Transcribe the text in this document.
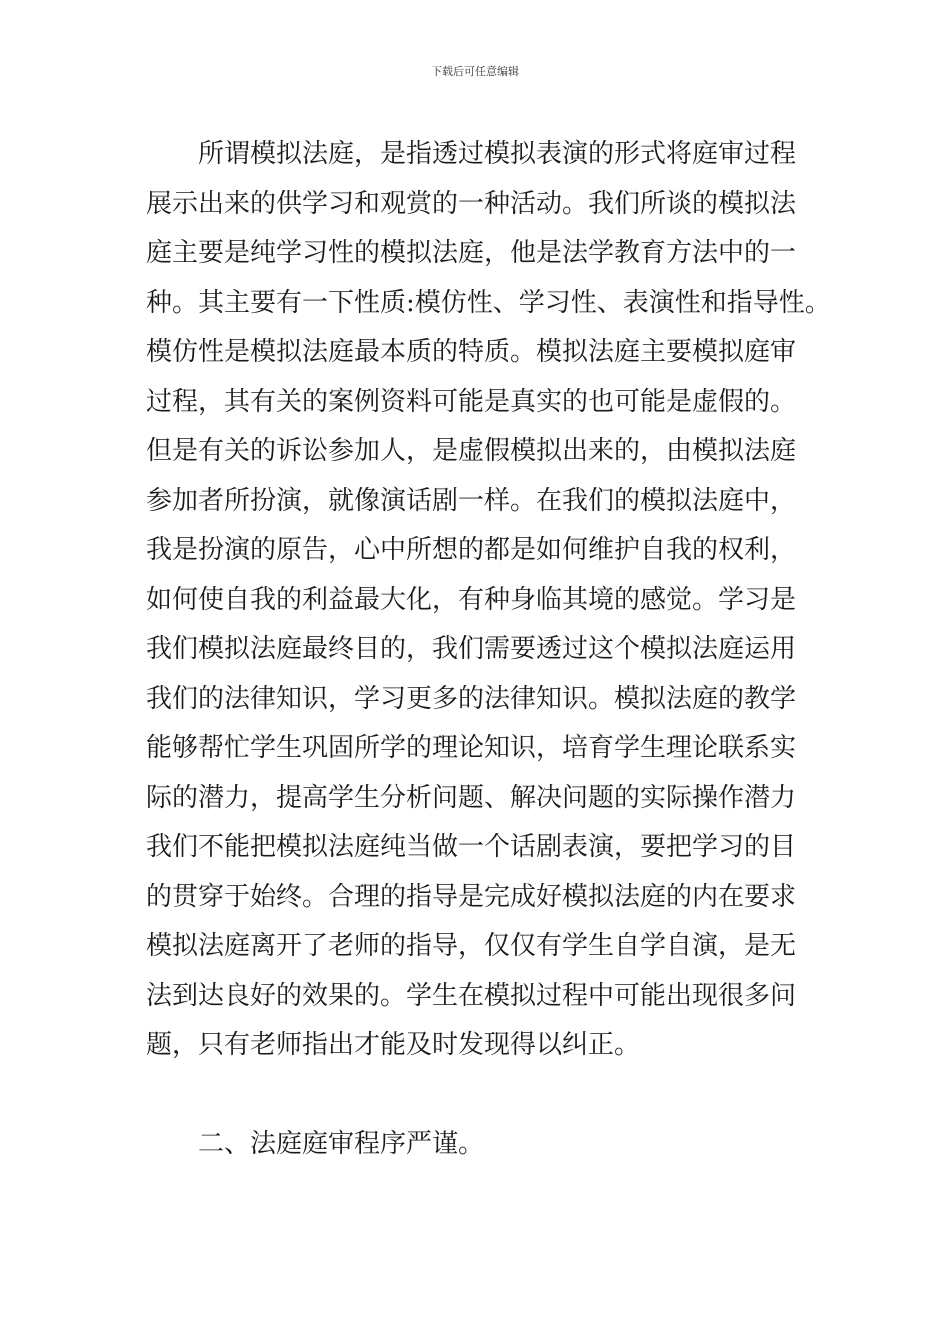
下载后可任意编辑
所谓模拟法庭，是指透过模拟表演的形式将庭审过程
展示出来的供学习和观赏的一种活动。我们所谈的模拟法
庭主要是纯学习性的模拟法庭，他是法学教育方法中的一
种。其主要有一下性质:模仿性、学习性、表演性和指导性。
模仿性是模拟法庭最本质的特质。模拟法庭主要模拟庭审
过程，其有关的案例资料可能是真实的也可能是虚假的。
但是有关的诉讼参加人，是虚假模拟出来的，由模拟法庭
参加者所扮演，就像演话剧一样。在我们的模拟法庭中，
我是扮演的原告，心中所想的都是如何维护自我的权利，
如何使自我的利益最大化，有种身临其境的感觉。学习是
我们模拟法庭最终目的，我们需要透过这个模拟法庭运用
我们的法律知识，学习更多的法律知识。模拟法庭的教学
能够帮忙学生巩固所学的理论知识，培育学生理论联系实
际的潜力，提高学生分析问题、解决问题的实际操作潜力
我们不能把模拟法庭纯当做一个话剧表演，要把学习的目
的贯穿于始终。合理的指导是完成好模拟法庭的内在要求
模拟法庭离开了老师的指导，仅仅有学生自学自演，是无
法到达良好的效果的。学生在模拟过程中可能出现很多问
题，只有老师指出才能及时发现得以纠正。
二、法庭庭审程序严谨。
